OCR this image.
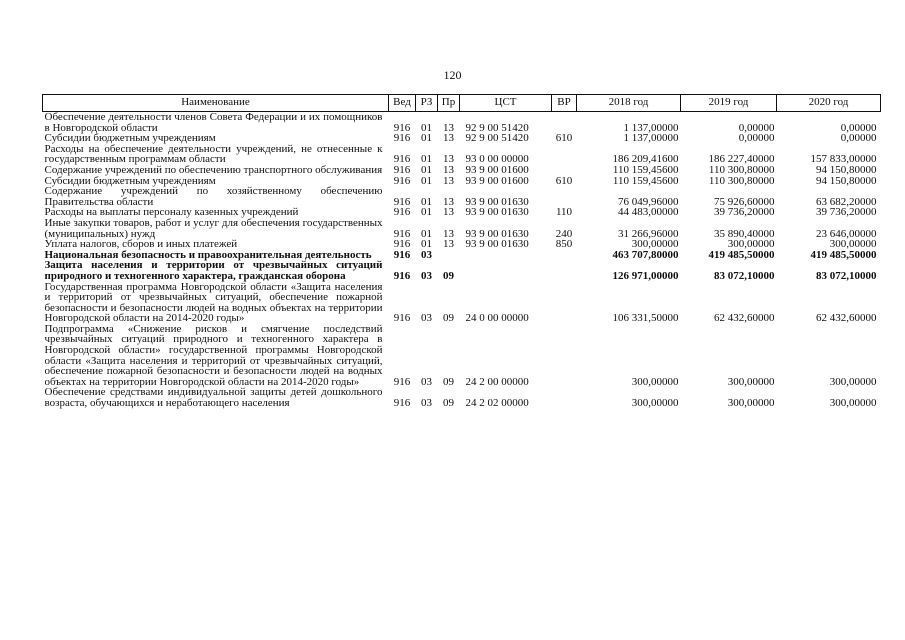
120
Наименование	Вед	РЗ	Пр	ЦСТ	ВР	2018 год	2019 год	2020 год
Обеспечение деятельности членов Совета Федерации и их помощников в Новгородской области	916	01	13	92 9 00 51420		1 137,00000	0,00000	0,00000
Субсидии бюджетным учреждениям	916	01	13	92 9 00 51420	610	1 137,00000	0,00000	0,00000
Расходы на обеспечение деятельности учреждений, не отнесенные к государственным программам области	916	01	13	93 0 00 00000		186 209,41600	186 227,40000	157 833,00000
Содержание учреждений по обеспечению транспортного обслуживания	916	01	13	93 9 00 01600		110 159,45600	110 300,80000	94 150,80000
Субсидии бюджетным учреждениям	916	01	13	93 9 00 01600	610	110 159,45600	110 300,80000	94 150,80000
Содержание учреждений по хозяйственному обеспечению Правительства области	916	01	13	93 9 00 01630		76 049,96000	75 926,60000	63 682,20000
Расходы на выплаты персоналу казенных учреждений	916	01	13	93 9 00 01630	110	44 483,00000	39 736,20000	39 736,20000
Иные закупки товаров, работ и услуг для обеспечения государственных (муниципальных) нужд	916	01	13	93 9 00 01630	240	31 266,96000	35 890,40000	23 646,00000
Уплата налогов, сборов и иных платежей	916	01	13	93 9 00 01630	850	300,00000	300,00000	300,00000
Национальная безопасность и правоохранительная деятельность	916	03				463 707,80000	419 485,50000	419 485,50000
Защита населения и территории от чрезвычайных ситуаций природного и техногенного характера, гражданская оборона	916	03	09			126 971,00000	83 072,10000	83 072,10000
Государственная программа Новгородской области «Защита населения и территорий от чрезвычайных ситуаций, обеспечение пожарной безопасности и безопасности людей на водных объектах на территории Новгородской области на 2014-2020 годы»	916	03	09	24 0 00 00000		106 331,50000	62 432,60000	62 432,60000
Подпрограмма «Снижение рисков и смягчение последствий чрезвычайных ситуаций природного и техногенного характера в Новгородской области» государственной программы Новгородской области «Защита населения и территорий от чрезвычайных ситуаций, обеспечение пожарной безопасности и безопасности людей на водных объектах на территории Новгородской области на 2014-2020 годы»	916	03	09	24 2 00 00000		300,00000	300,00000	300,00000
Обеспечение средствами индивидуальной защиты детей дошкольного возраста, обучающихся и неработающего населения	916	03	09	24 2 02 00000		300,00000	300,00000	300,00000
